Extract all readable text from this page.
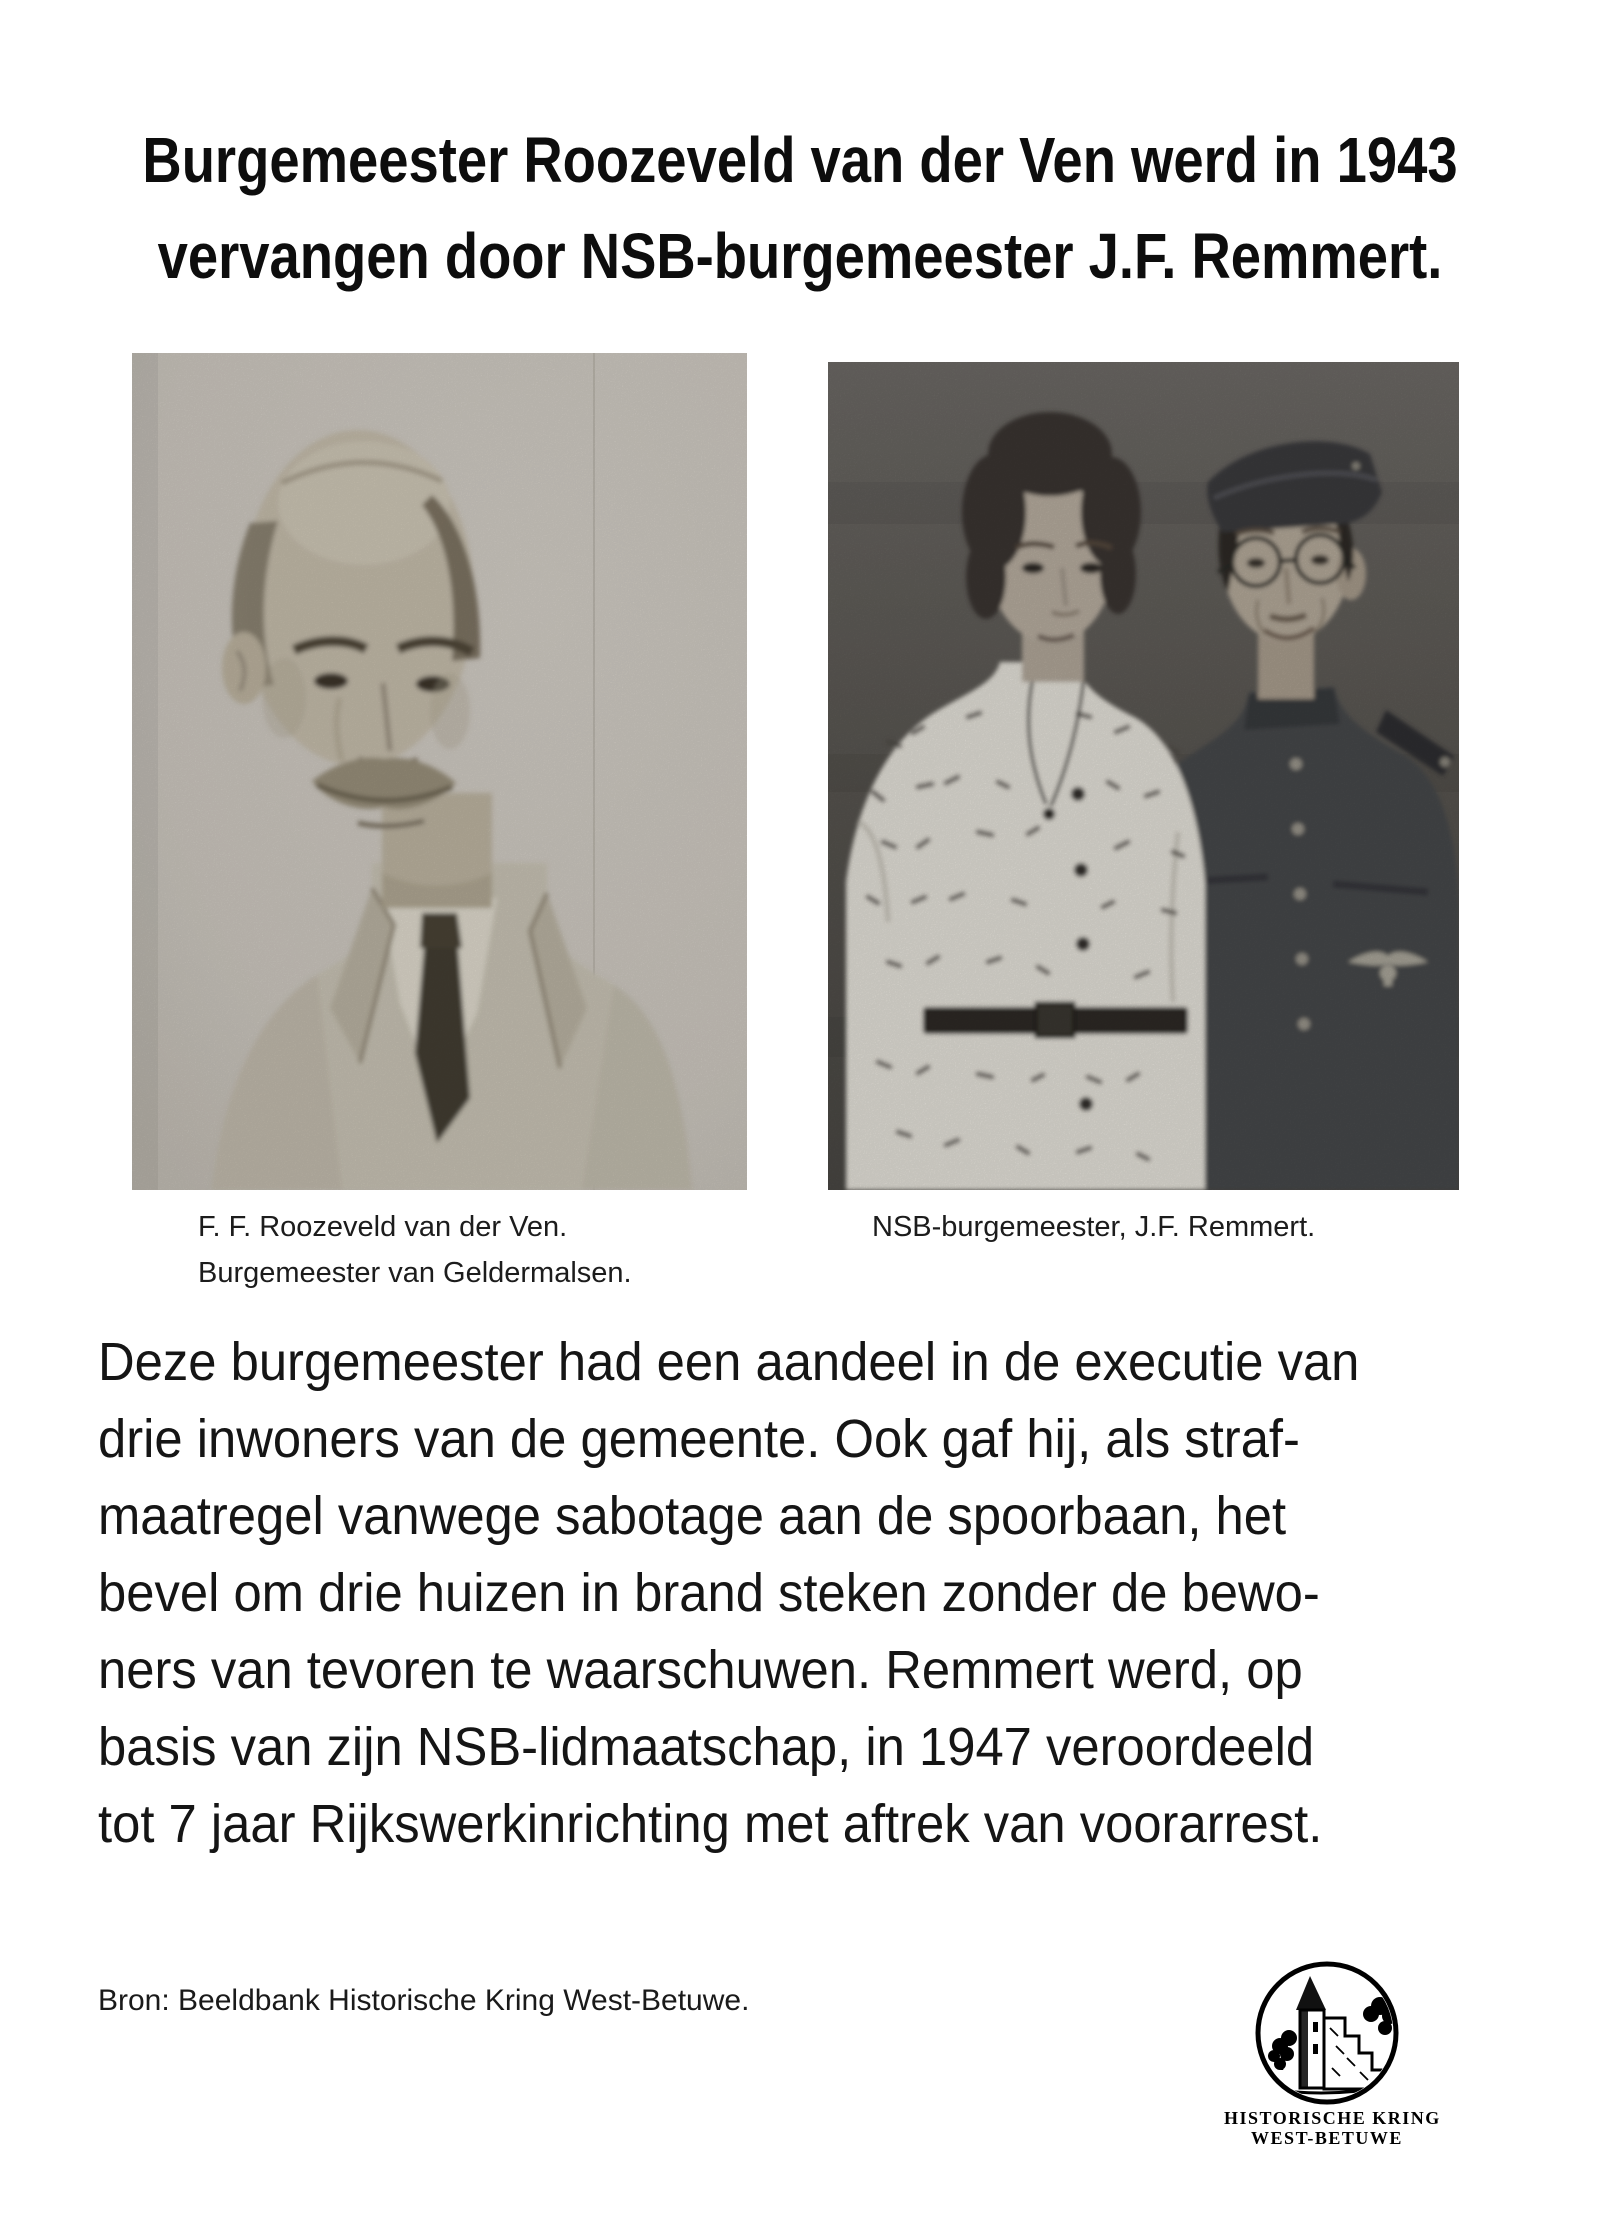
Burgemeester Roozeveld van der Ven werd in 1943
vervangen door NSB-burgemeester J.F. Remmert.
F. F. Roozeveld van der Ven.
Burgemeester van Geldermalsen.
NSB-burgemeester, J.F. Remmert.
Deze burgemeester had een aandeel in de executie van
drie inwoners van de gemeente. Ook gaf hij, als straf-
maatregel vanwege sabotage aan de spoorbaan, het
bevel om drie huizen in brand steken zonder de bewo-
ners van tevoren te waarschuwen. Remmert werd, op
basis van zijn NSB-lidmaatschap, in 1947 veroordeeld
tot 7 jaar Rijkswerkinrichting met aftrek van voorarrest.
Bron: Beeldbank Historische Kring West-Betuwe.
HISTORISCHE KRING
WEST-BETUWE
